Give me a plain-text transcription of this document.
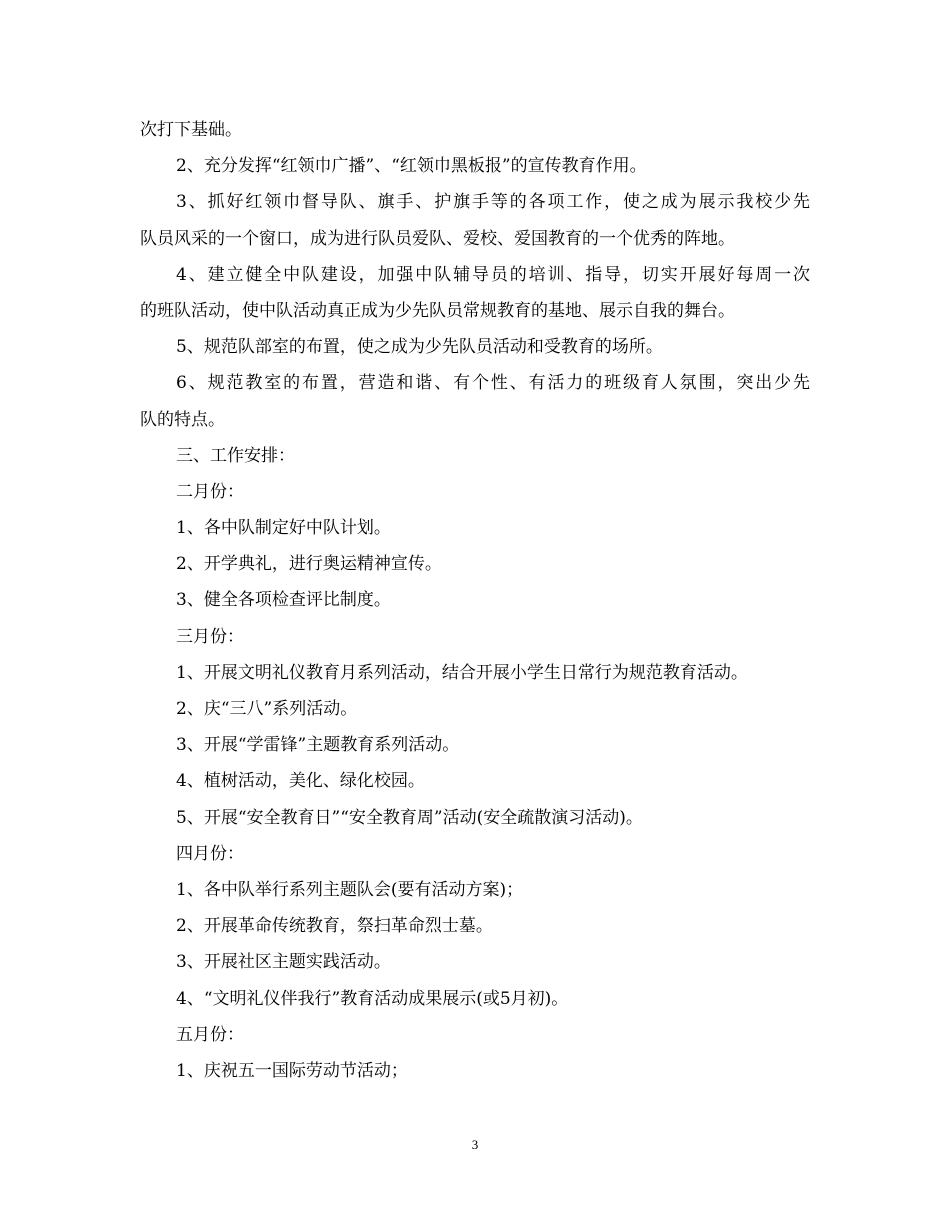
次打下基础。
2、充分发挥“红领巾广播”、“红领巾黑板报”的宣传教育作用。
3、抓好红领巾督导队、旗手、护旗手等的各项工作，使之成为展示我校少先
队员风采的一个窗口，成为进行队员爱队、爱校、爱国教育的一个优秀的阵地。
4、建立健全中队建设，加强中队辅导员的培训、指导，切实开展好每周一次
的班队活动，使中队活动真正成为少先队员常规教育的基地、展示自我的舞台。
5、规范队部室的布置，使之成为少先队员活动和受教育的场所。
6、规范教室的布置，营造和谐、有个性、有活力的班级育人氛围，突出少先
队的特点。
三、工作安排：
二月份：
1、各中队制定好中队计划。
2、开学典礼，进行奥运精神宣传。
3、健全各项检查评比制度。
三月份：
1、开展文明礼仪教育月系列活动，结合开展小学生日常行为规范教育活动。
2、庆“三八”系列活动。
3、开展“学雷锋”主题教育系列活动。
4、植树活动，美化、绿化校园。
5、开展“安全教育日”“安全教育周”活动(安全疏散演习活动)。
四月份：
1、各中队举行系列主题队会(要有活动方案)；
2、开展革命传统教育，祭扫革命烈士墓。
3、开展社区主题实践活动。
4、“文明礼仪伴我行”教育活动成果展示(或5月初)。
五月份：
1、庆祝五一国际劳动节活动；
3
